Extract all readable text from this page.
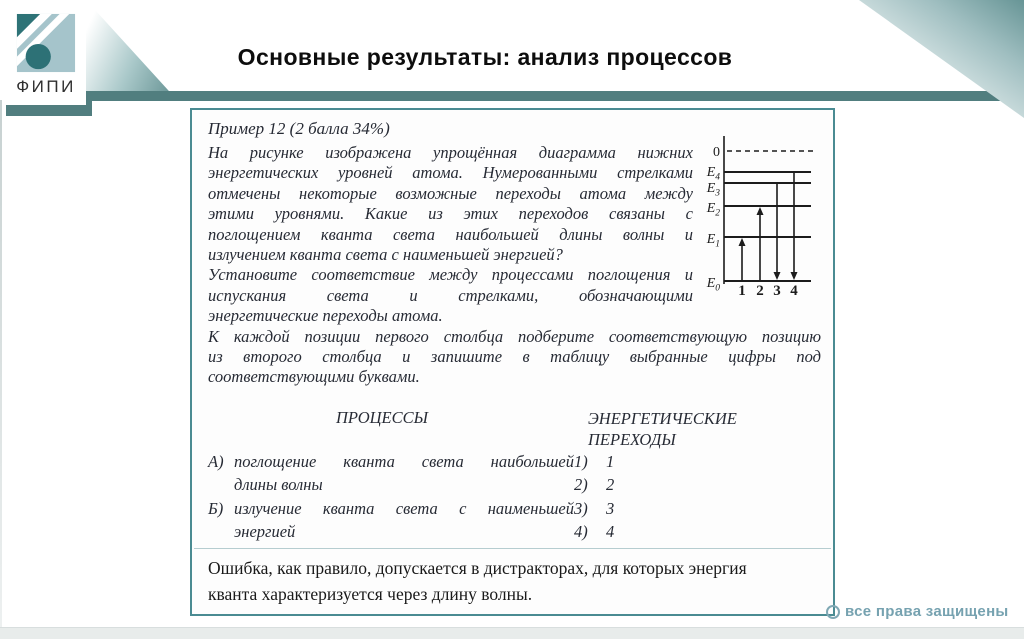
ФИПИ
Основные результаты: анализ процессов
0
$E_4$
$E_3$
$E_2$
$E_1$
$E_0$ 1 2 3 4

Пример 12 (2 балла 34%)

На рисунке изображена упрощённая диаграмма нижних
энергетических уровней атома. Нумерованными стрелками
отмечены некоторые возможные переходы атома между
этими уровнями. Какие из этих переходов связаны с
поглощением кванта света наибольшей длины волны и
излучением кванта света с наименьшей энергией?
Установите соответствие между процессами поглощения и
испускания света и стрелками, обозначающими
энергетические переходы атома.
К каждой позиции первого столбца подберите соответствующую позицию
из второго столбца и запишите в таблицу выбранные цифры под
соответствующими буквами.
ПРОЦЕССЫ	ЭНЕРГЕТИЧЕСКИЕ
ПЕРЕХОДЫ
А) поглощение кванта света наибольшей 1)	1
длины волны	2)	2
Б) излучение кванта света с наименьшей 3)	3
энергией	4)	4
Ошибка, как правило, допускается в дистракторах, для которых энергия
кванта характеризуется через длину волны.
все права защищены
